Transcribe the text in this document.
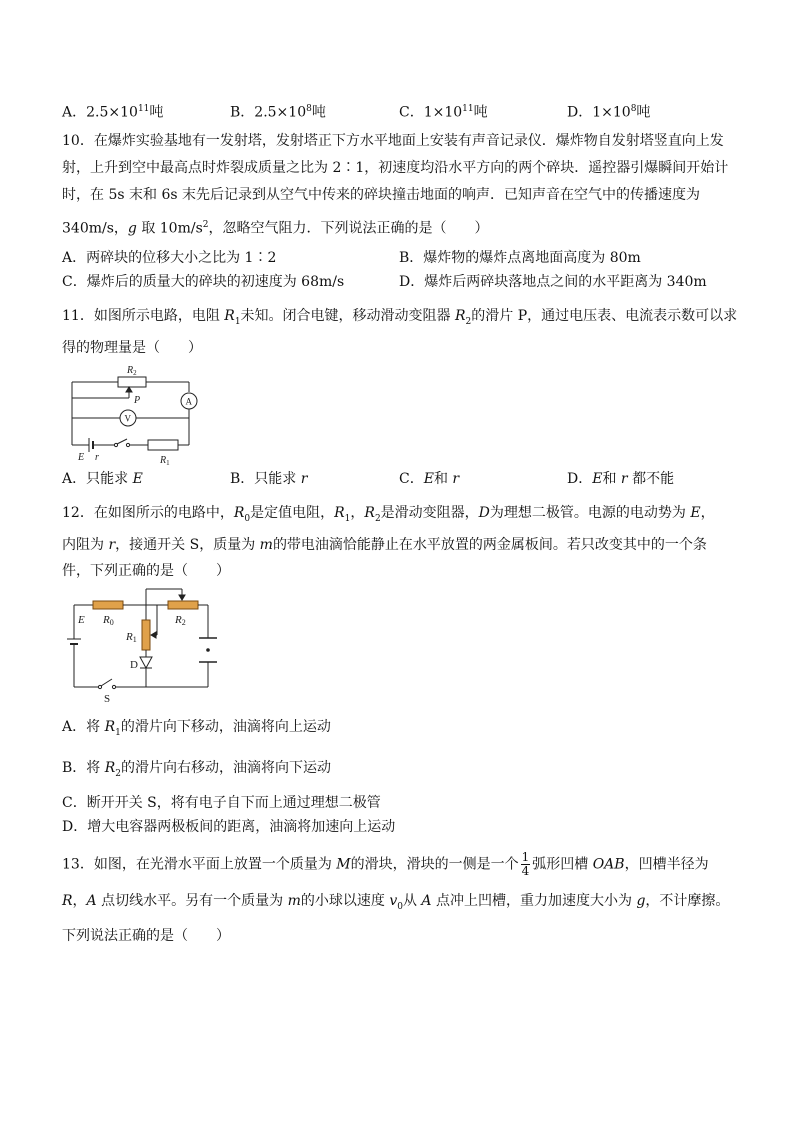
A．$2.5\times 10^{11}$吨	B．$2.5\times 10^8$吨	C．$1\times 10^{11}$吨	D．$1\times 10^8$吨
10．在爆炸实验基地有一发射塔，发射塔正下方水平地面上安装有声音记录仪．爆炸物自发射塔竖直向上发
射，上升到空中最高点时炸裂成质量之比为 2∶1，初速度均沿水平方向的两个碎块．遥控器引爆瞬间开始计
时，在 5s 末和 6s 末先后记录到从空气中传来的碎块撞击地面的响声．已知声音在空气中的传播速度为
340m/s，g 取 $10m/s^2$，忽略空气阻力．下列说法正确的是（　　）
A．两碎块的位移大小之比为 1∶2	B．爆炸物的爆炸点离地面高度为 80m
C．爆炸后的质量大的碎块的初速度为 68m/s	D．爆炸后两碎块落地点之间的水平距离为 340m
11．如图所示电路，电阻 $R_1$未知。闭合电键，移动滑动变阻器 $R_2$的滑片 P，通过电压表、电流表示数可以求
得的物理量是（　　）
$R_2$
P	A
V
E r	$R_1$
A．只能求 E	B．只能求 r	C．E和 r	D．E和 r 都不能
12．在如图所示的电路中，$R_0$是定值电阻，$R_1$，$R_2$是滑动变阻器，D为理想二极管。电源的电动势为 E，
内阻为 r，接通开关 S，质量为 m的带电油滴恰能静止在水平放置的两金属板间。若只改变其中的一个条
件，下列正确的是（　　）
E R0	R2
R1
D
S
A．将 $R_1$的滑片向下移动，油滴将向上运动
B．将 $R_2$的滑片向右移动，油滴将向下运动
C．断开开关 S，将有电子自下而上通过理想二极管
D．增大电容器两极板间的距离，油滴将加速向上运动
13．如图，在光滑水平面上放置一个质量为 M的滑块，滑块的一侧是一个 $\frac{1}{4}$ 弧形凹槽 OAB，凹槽半径为
R，A 点切线水平。另有一个质量为 m的小球以速度 $v_0$从 A 点冲上凹槽，重力加速度大小为 g，不计摩擦。
下列说法正确的是（　　）
